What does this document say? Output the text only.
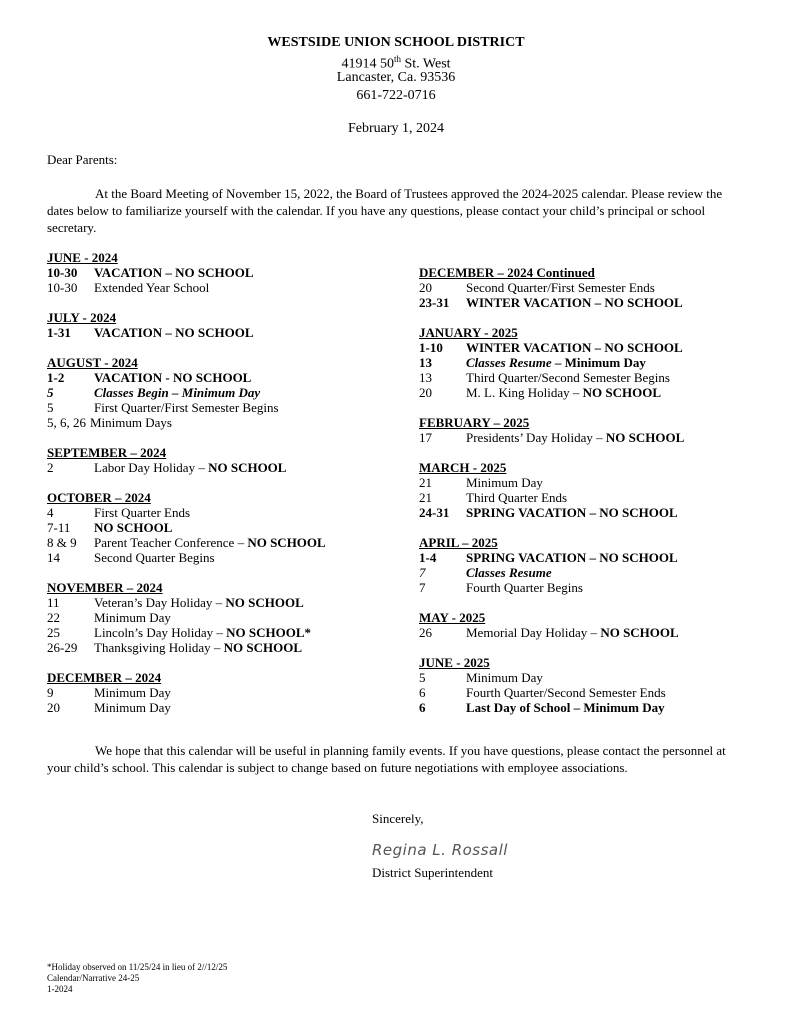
WESTSIDE UNION SCHOOL DISTRICT
41914 50th St. West
Lancaster, Ca. 93536
661-722-0716
February 1, 2024
Dear Parents:
At the Board Meeting of November 15, 2022, the Board of Trustees approved the 2024-2025 calendar. Please review the dates below to familiarize yourself with the calendar. If you have any questions, please contact your child’s principal or school secretary.
JUNE - 2024
10-30	VACATION – NO SCHOOL
10-30	Extended Year School
JULY - 2024
1-31	VACATION – NO SCHOOL
AUGUST - 2024
1-2	VACATION - NO SCHOOL
5	Classes Begin – Minimum Day
5	First Quarter/First Semester Begins
5, 6, 26 Minimum Days
SEPTEMBER – 2024
2	Labor Day Holiday – NO SCHOOL
OCTOBER – 2024
4	First Quarter Ends
7-11	NO SCHOOL
8 & 9	Parent Teacher Conference – NO SCHOOL
14	Second Quarter Begins
NOVEMBER – 2024
11	Veteran’s Day Holiday – NO SCHOOL
22	Minimum Day
25	Lincoln’s Day Holiday – NO SCHOOL*
26-29	Thanksgiving Holiday – NO SCHOOL
DECEMBER – 2024
9	Minimum Day
20	Minimum Day
DECEMBER – 2024 Continued
20	Second Quarter/First Semester Ends
23-31	WINTER VACATION – NO SCHOOL
JANUARY - 2025
1-10	WINTER VACATION – NO SCHOOL
13	Classes Resume – Minimum Day
13	Third Quarter/Second Semester Begins
20	M. L. King Holiday – NO SCHOOL
FEBRUARY – 2025
17	Presidents’ Day Holiday – NO SCHOOL
MARCH - 2025
21	Minimum Day
21	Third Quarter Ends
24-31	SPRING VACATION – NO SCHOOL
APRIL – 2025
1-4	SPRING VACATION – NO SCHOOL
7	Classes Resume
7	Fourth Quarter Begins
MAY - 2025
26	Memorial Day Holiday – NO SCHOOL
JUNE - 2025
5	Minimum Day
6	Fourth Quarter/Second Semester Ends
6	Last Day of School – Minimum Day
We hope that this calendar will be useful in planning family events. If you have questions, please contact the personnel at your child’s school. This calendar is subject to change based on future negotiations with employee associations.
Sincerely,
Regina L. Rossall
District Superintendent
*Holiday observed on 11/25/24 in lieu of 2//12/25
Calendar/Narrative 24-25
1-2024
